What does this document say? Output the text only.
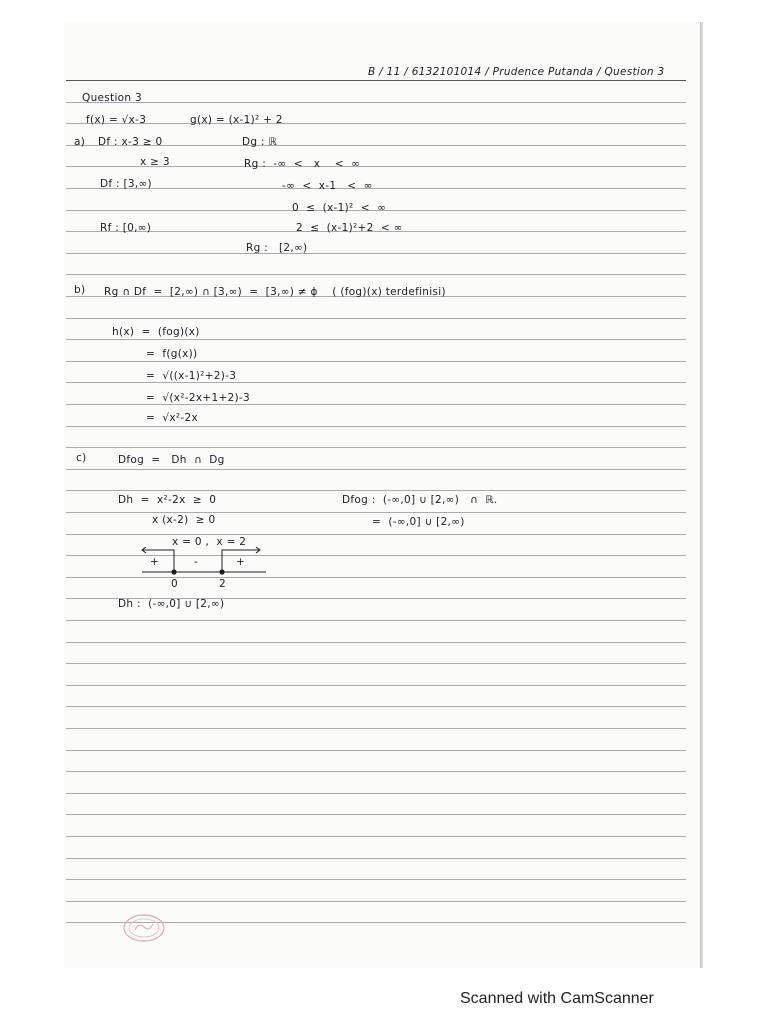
B / 11 / 6132101014 / Prudence Putanda / Question 3
Question 3
f(x) = √x-3	g(x) = (x-1)² + 2
a) Df : x-3 ≥ 0
x ≥ 3
Df : [3,∞)
Rf : [0,∞)
Dg : ℝ
Rg :  -∞  <   x    <  ∞
-∞  <  x-1   <  ∞
0  ≤  (x-1)²  <  ∞
2  ≤  (x-1)²+2  < ∞
Rg :   [2,∞)
b) Rg ∩ Df  =  [2,∞) ∩ [3,∞)  =  [3,∞) ≠ ϕ    ( (fog)(x) terdefinisi)
h(x)  =  (fog)(x)
=  f(g(x))
=  √((x-1)²+2)-3
=  √(x²-2x+1+2)-3
=  √x²-2x
c)	Dfog  =   Dh  ∩  Dg
Dh  =  x²-2x  ≥  0
x (x-2)  ≥ 0
Dfog :  (-∞,0] ∪ [2,∞)   ∩  ℝ.
=  (-∞,0] ∪ [2,∞)
x = 0 ,  x = 2
+	-	+
0	2
Dh :  (-∞,0] ∪ [2,∞)
Scanned with CamScanner
